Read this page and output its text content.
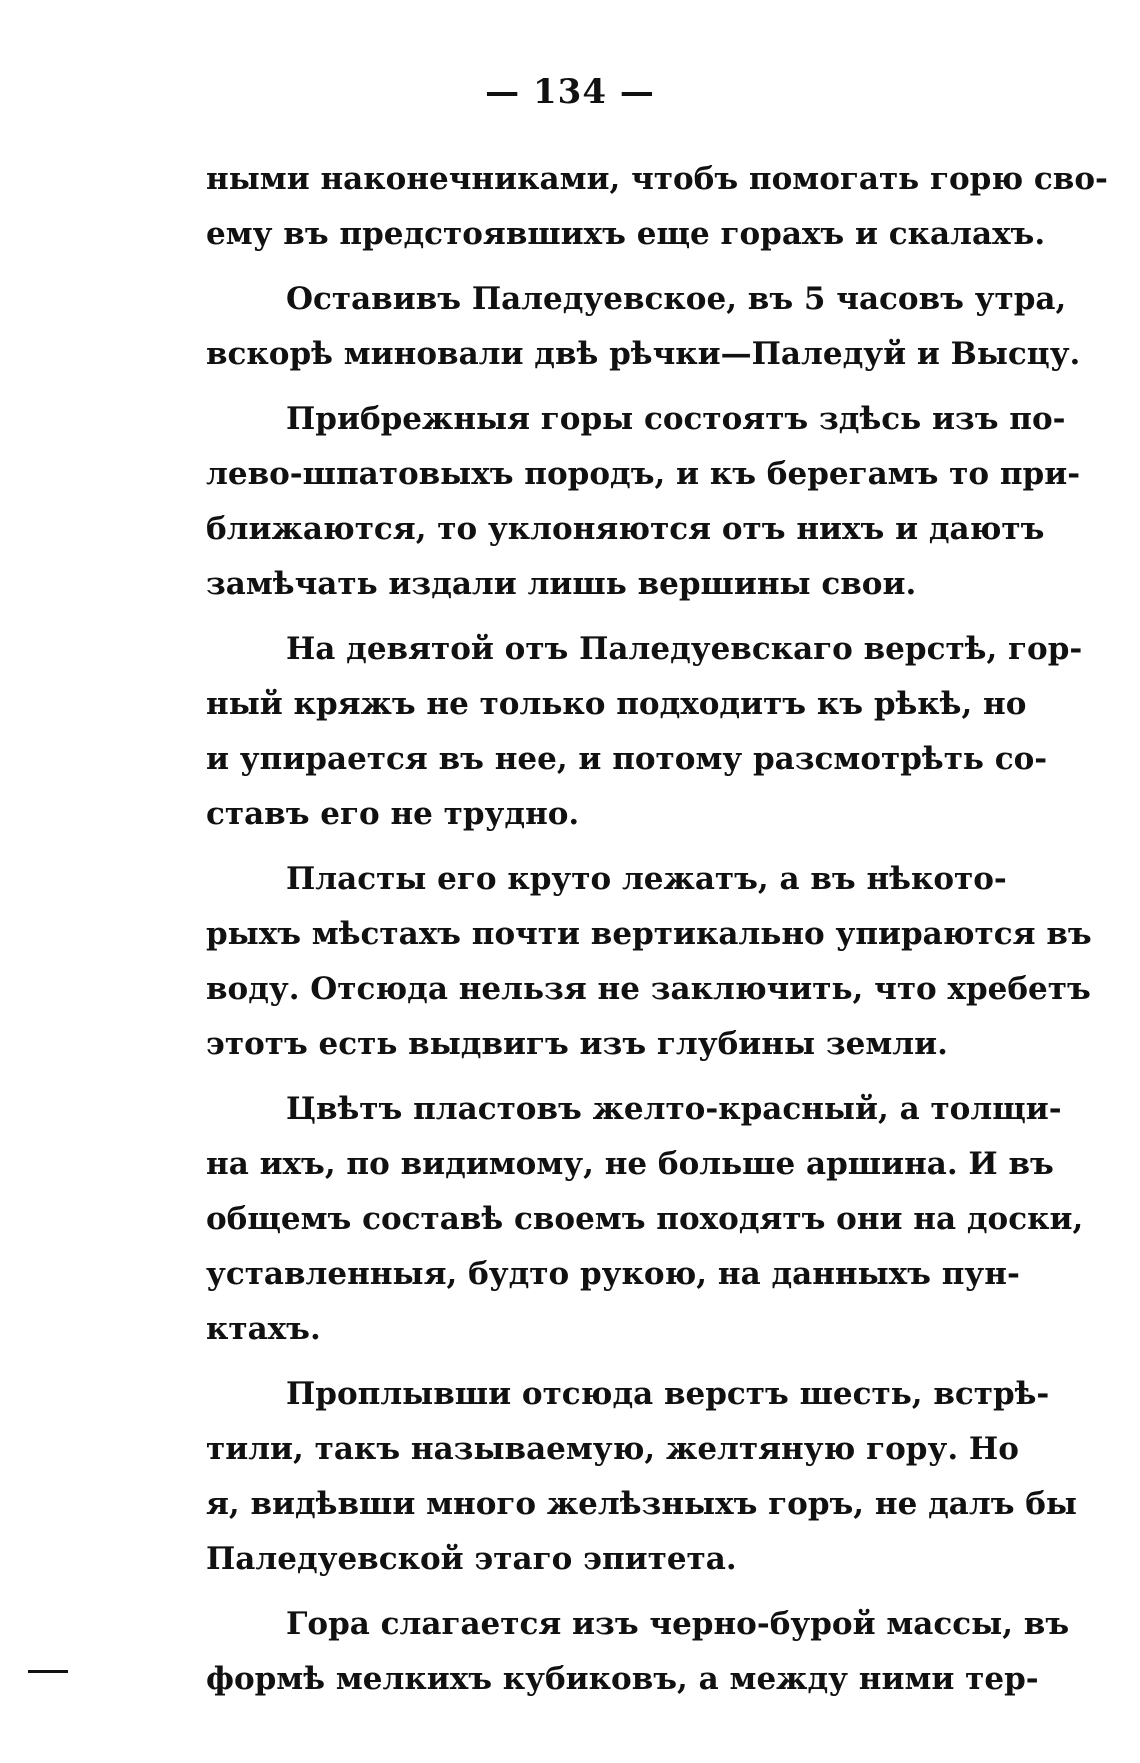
— 134 —
ными наконечниками, чтобъ помогать горю сво-
ему въ предстоявшихъ еще горахъ и скалахъ.
Оставивъ Паледуевское, въ 5 часовъ утра,
вскорѣ миновали двѣ рѣчки—Паледуй и Высцу.
Прибрежныя горы состоятъ здѣсь изъ по-
лево-шпатовыхъ породъ, и къ берегамъ то при-
ближаются, то уклоняются отъ нихъ и даютъ
замѣчать издали лишь вершины свои.
На девятой отъ Паледуевскаго верстѣ, гор-
ный кряжъ не только подходитъ къ рѣкѣ, но
и упирается въ нее, и потому разсмотрѣть со-
ставъ его не трудно.
Пласты его круто лежатъ, а въ нѣкото-
рыхъ мѣстахъ почти вертикально упираются въ
воду. Отсюда нельзя не заключить, что хребетъ
этотъ есть выдвигъ изъ глубины земли.
Цвѣтъ пластовъ желто-красный, а толщи-
на ихъ, по видимому, не больше аршина. И въ
общемъ составѣ своемъ походятъ они на доски,
уставленныя, будто рукою, на данныхъ пун-
ктахъ.
Проплывши отсюда верстъ шесть, встрѣ-
тили, такъ называемую, желтяную гору. Но
я, видѣвши много желѣзныхъ горъ, не далъ бы
Паледуевской этаго эпитета.
Гора слагается изъ черно-бурой массы, въ
формѣ мелкихъ кубиковъ, а между ними тер-
